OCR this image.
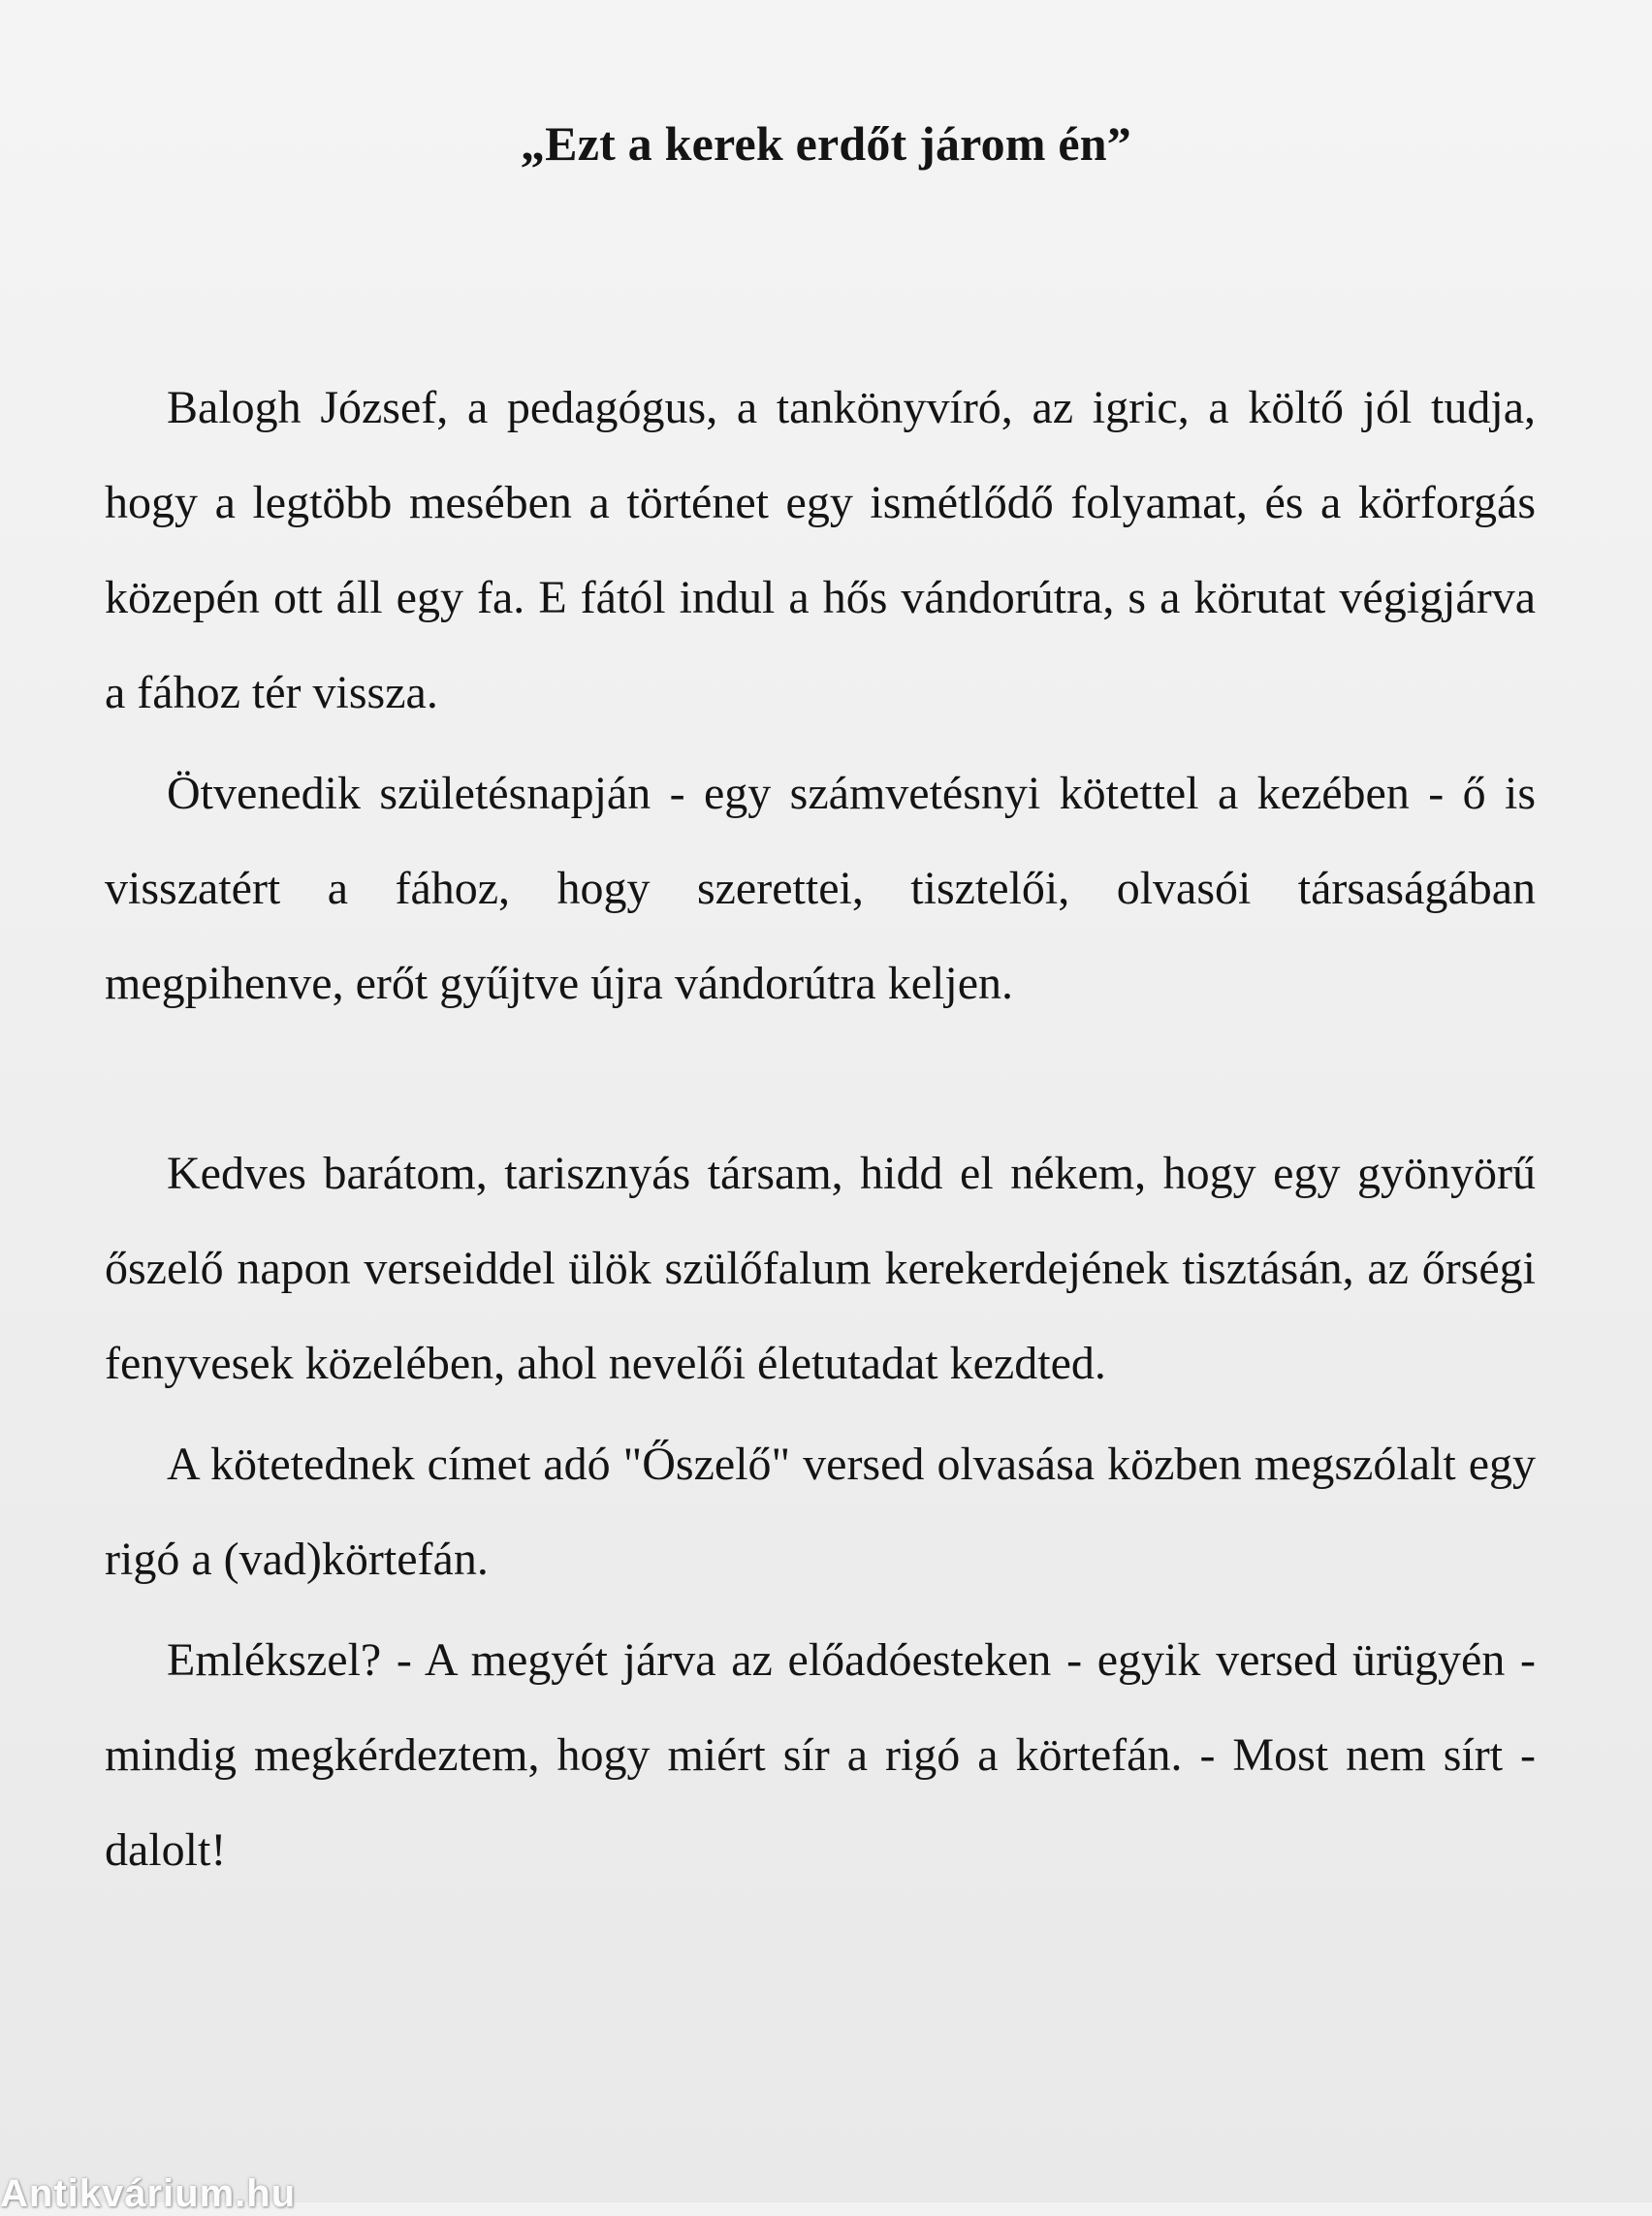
„Ezt a kerek erdőt járom én”

Balogh József, a pedagógus, a tankönyvíró, az igric, a költő jól tudja, hogy a legtöbb mesében a történet egy ismétlődő folyamat, és a körforgás közepén ott áll egy fa. E fától indul a hős vándorútra, s a körutat végigjárva a fához tér vissza.

Ötvenedik születésnapján - egy számvetésnyi kötettel a kezében - ő is visszatért a fához, hogy szerettei, tisztelői, olvasói társaságában megpihenve, erőt gyűjtve újra vándorútra keljen.

Kedves barátom, tarisznyás társam, hidd el nékem, hogy egy gyönyörű őszelő napon verseiddel ülök szülőfalum kerekerdejének tisztásán, az őrségi fenyvesek közelében, ahol nevelői életutadat kezdted.

A kötetednek címet adó "Őszelő" versed olvasása közben megszólalt egy rigó a (vad)körtefán.

Emlékszel? - A megyét járva az előadóesteken - egyik versed ürügyén - mindig megkérdeztem, hogy miért sír a rigó a körtefán. - Most nem sírt - dalolt!

Antikvárium.hu
